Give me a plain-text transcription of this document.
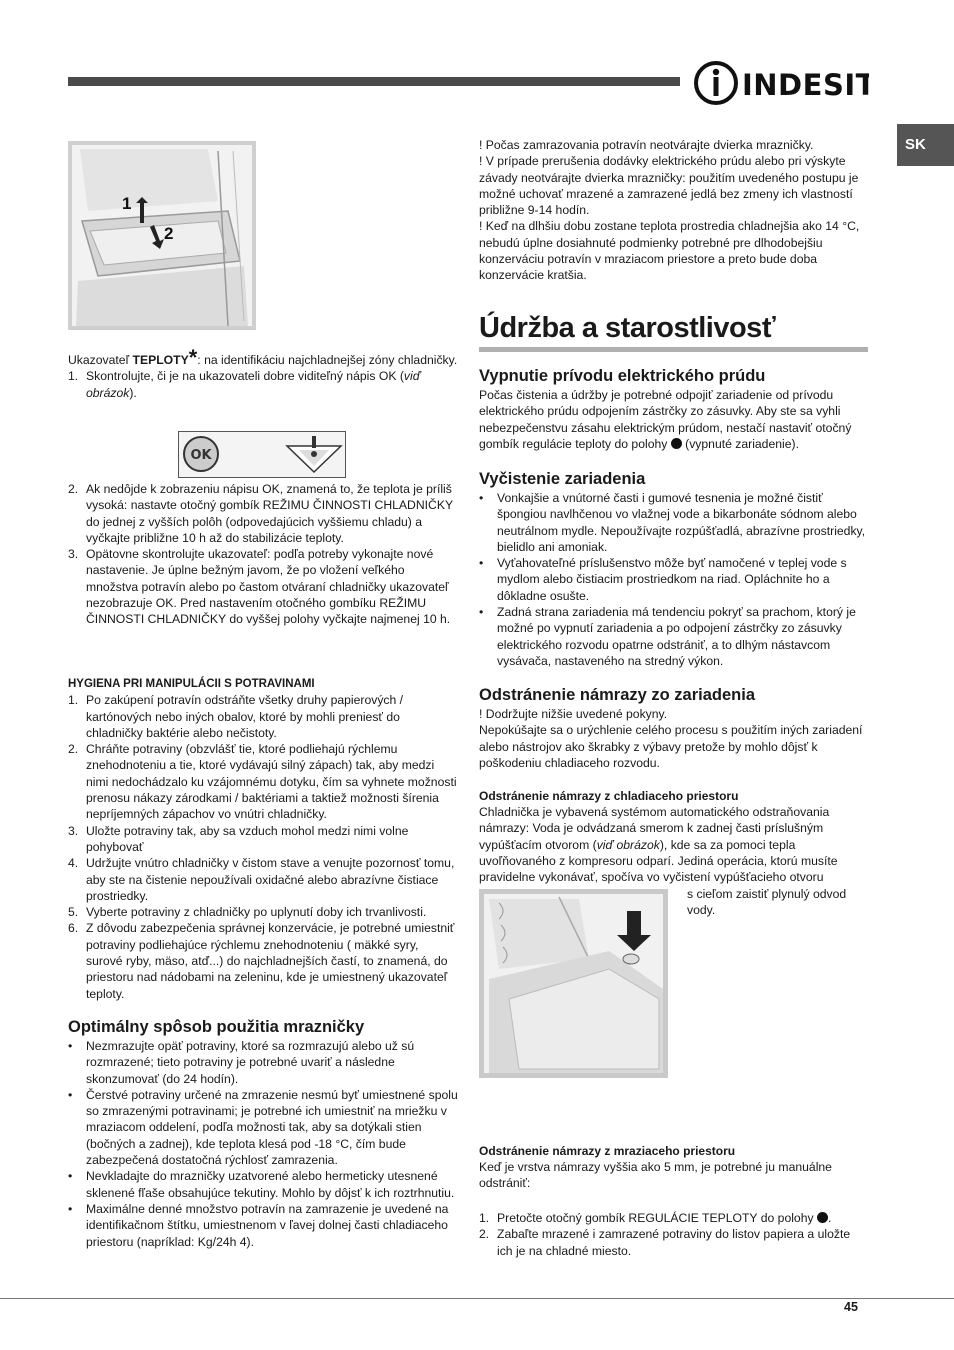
INDESIT
SK
1
2

Ukazovateľ TEPLOTY*: na identifikáciu najchladnejšej zóny chladničky.

1. Skontrolujte, či je na ukazovateli dobre viditeľný nápis OK (viď obrázok).
OK
2. Ak nedôjde k zobrazeniu nápisu OK, znamená to, že teplota je príliš vysoká: nastavte otočný gombík REŽIMU ČINNOSTI CHLADNIČKY do jednej z vyšších polôh (odpovedajúcich vyššiemu chladu) a vyčkajte približne 10 h až do stabilizácie teploty.
3. Opätovne skontrolujte ukazovateľ: podľa potreby vykonajte nové nastavenie. Je úplne bežným javom, že po vložení veľkého množstva potravín alebo po častom otváraní chladničky ukazovateľ nezobrazuje OK. Pred nastavením otočného gombíku REŽIMU ČINNOSTI CHLADNIČKY do vyššej polohy vyčkajte najmenej 10 h.

HYGIENA PRI MANIPULÁCII S POTRAVINAMI

1. Po zakúpení potravín odstráňte všetky druhy papierových / kartónových nebo iných obalov, ktoré by mohli preniesť do chladničky baktérie alebo nečistoty.
2. Chráňte potraviny (obzvlášť tie, ktoré podliehajú rýchlemu znehodnoteniu a tie, ktoré vydávajú silný zápach) tak, aby medzi nimi nedochádzalo ku vzájomnému dotyku, čím sa vyhnete možnosti prenosu nákazy zárodkami / baktériami a taktiež možnosti šírenia nepríjemných zápachov vo vnútri chladničky.
3. Uložte potraviny tak, aby sa vzduch mohol medzi nimi volne pohybovať
4. Udržujte vnútro chladničky v čistom stave a venujte pozornosť tomu, aby ste na čistenie nepoužívali oxidačné alebo abrazívne čistiace prostriedky.
5. Vyberte potraviny z chladničky po uplynutí doby ich trvanlivosti.
6. Z dôvodu zabezpečenia správnej konzervácie, je potrebné umiestniť potraviny podliehajúce rýchlemu znehodnoteniu ( mäkké syry, surové ryby, mäso, atď...) do najchladnejších častí, to znamená, do priestoru nad nádobami na zeleninu, kde je umiestnený ukazovateľ teploty.
Optimálny spôsob použitia mrazničky
• Nezmrazujte opäť potraviny, ktoré sa rozmrazujú alebo už sú rozmrazené; tieto potraviny je potrebné uvariť a následne skonzumovať (do 24 hodín).
• Čerstvé potraviny určené na zmrazenie nesmú byť umiestnené spolu so zmrazenými potravinami; je potrebné ich umiestniť na mriežku v mraziacom oddelení, podľa možnosti tak, aby sa dotýkali stien (bočných a zadnej), kde teplota klesá pod -18 °C, čím bude zabezpečená dostatočná rýchlosť zamrazenia.
• Nevkladajte do mrazničky uzatvorené alebo hermeticky utesnené sklenené fľaše obsahujúce tekutiny. Mohlo by dôjsť k ich roztrhnutiu.
• Maximálne denné množstvo potravín na zamrazenie je uvedené na identifikačnom štítku, umiestnenom v ľavej dolnej časti chladiaceho priestoru (napríklad: Kg/24h 4).
! Počas zamrazovania potravín neotvárajte dvierka mrazničky.
! V prípade prerušenia dodávky elektrického prúdu alebo pri výskyte závady neotvárajte dvierka mrazničky: použitím uvedeného postupu je možné uchovať mrazené a zamrazené jedlá bez zmeny ich vlastností približne 9-14 hodín.
! Keď na dlhšiu dobu zostane teplota prostredia chladnejšia ako 14 °C, nebudú úplne dosiahnuté podmienky potrebné pre dlhodobejšiu konzerváciu potravín v mraziacom priestore a preto bude doba konzervácie kratšia.
Údržba a starostlivosť
Vypnutie prívodu elektrického prúdu

Počas čistenia a údržby je potrebné odpojiť zariadenie od prívodu elektrického prúdu odpojením zástrčky zo zásuvky. Aby ste sa vyhli nebezpečenstvu zásahu elektrickým prúdom, nestačí nastaviť otočný gombík regulácie teploty do polohy (vypnuté zariadenie).

Vyčistenie zariadenia
• Vonkajšie a vnútorné časti i gumové tesnenia je možné čistiť špongiou navlhčenou vo vlažnej vode a bikarbonáte sódnom alebo neutrálnom mydle. Nepoužívajte rozpúšťadlá, abrazívne prostriedky, bielidlo ani amoniak.
• Vyťahovateľné príslušenstvo môže byť namočené v teplej vode s mydlom alebo čistiacim prostriedkom na riad. Opláchnite ho a dôkladne osušte.
• Zadná strana zariadenia má tendenciu pokryť sa prachom, ktorý je možné po vypnutí zariadenia a po odpojení zástrčky zo zásuvky elektrického rozvodu opatrne odstrániť, a to dlhým nástavcom vysávača, nastaveného na stredný výkon.
Odstránenie námrazy zo zariadenia

! Dodržujte nižšie uvedené pokyny.

Nepokúšajte sa o urýchlenie celého procesu s použitím iných zariadení alebo nástrojov ako škrabky z výbavy pretože by mohlo dôjsť k poškodeniu chladiaceho rozvodu.

Odstránenie námrazy z chladiaceho priestoru

Chladnička je vybavená systémom automatického odstraňovania námrazy: Voda je odvádzaná smerom k zadnej časti príslušným vypúšťacím otvorom (viď obrázok), kde sa za pomoci tepla uvoľňovaného z kompresoru odparí. Jediná operácia, ktorú musíte pravidelne vykonávať, spočíva vo vyčistení vypúšťacieho otvoru

s cieľom zaistiť plynulý odvod vody.
Odstránenie námrazy z mraziaceho priestoru
Keď je vrstva námrazy vyššia ako 5 mm, je potrebné ju manuálne odstrániť:
1. Pretočte otočný gombík REGULÁCIE TEPLOTY do polohy .
2. Zabaľte mrazené i zamrazené potraviny do listov papiera a uložte ich je na chladné miesto.
45
